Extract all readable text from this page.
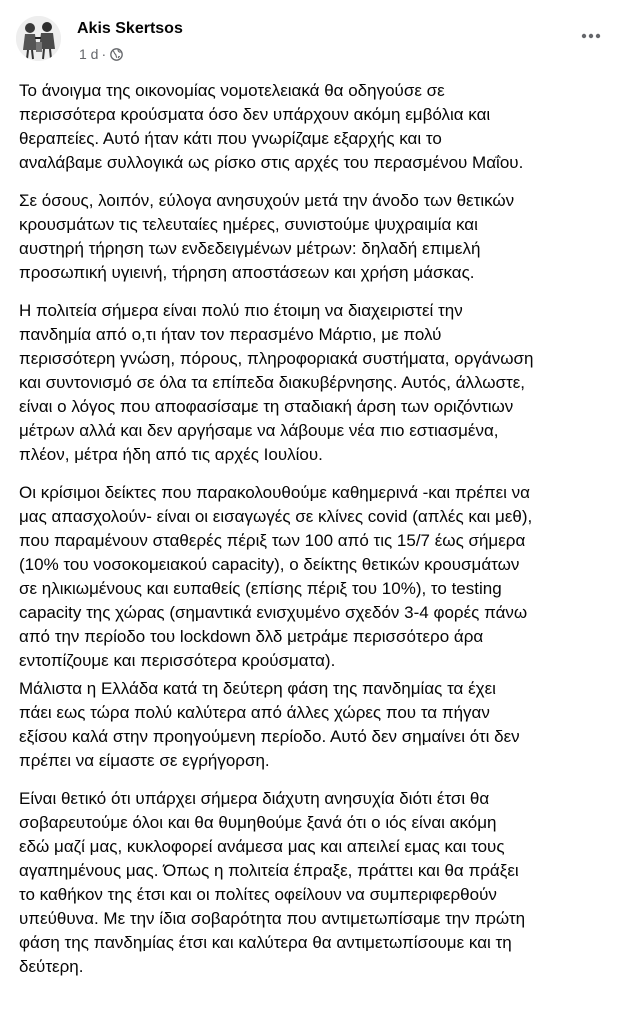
Akis Skertsos
1 d ·

Το άνοιγμα της οικονομίας νομοτελειακά θα οδηγούσε σε
περισσότερα κρούσματα όσο δεν υπάρχουν ακόμη εμβόλια και
θεραπείες. Αυτό ήταν κάτι που γνωρίζαμε εξαρχής και το
αναλάβαμε συλλογικά ως ρίσκο στις αρχές του περασμένου Μαΐου.

Σε όσους, λοιπόν, εύλογα ανησυχούν μετά την άνοδο των θετικών
κρουσμάτων τις τελευταίες ημέρες, συνιστούμε ψυχραιμία και
αυστηρή τήρηση των ενδεδειγμένων μέτρων: δηλαδή επιμελή
προσωπική υγιεινή, τήρηση αποστάσεων και χρήση μάσκας.

Η πολιτεία σήμερα είναι πολύ πιο έτοιμη να διαχειριστεί την
πανδημία από ο,τι ήταν τον περασμένο Μάρτιο, με πολύ
περισσότερη γνώση, πόρους, πληροφοριακά συστήματα, οργάνωση
και συντονισμό σε όλα τα επίπεδα διακυβέρνησης. Αυτός, άλλωστε,
είναι ο λόγος που αποφασίσαμε τη σταδιακή άρση των οριζόντιων
μέτρων αλλά και δεν αργήσαμε να λάβουμε νέα πιο εστιασμένα,
πλέον, μέτρα ήδη από τις αρχές Ιουλίου.

Οι κρίσιμοι δείκτες που παρακολουθούμε καθημερινά -και πρέπει να
μας απασχολούν- είναι οι εισαγωγές σε κλίνες covid (απλές και μεθ),
που παραμένουν σταθερές πέριξ των 100 από τις 15/7 έως σήμερα
(10% του νοσοκομειακού capacity), ο δείκτης θετικών κρουσμάτων
σε ηλικιωμένους και ευπαθείς (επίσης πέριξ του 10%), το testing
capacity της χώρας (σημαντικά ενισχυμένο σχεδόν 3-4 φορές πάνω
από την περίοδο του lockdown δλδ μετράμε περισσότερο άρα
εντοπίζουμε και περισσότερα κρούσματα).

Μάλιστα η Ελλάδα κατά τη δεύτερη φάση της πανδημίας τα έχει
πάει εως τώρα πολύ καλύτερα από άλλες χώρες που τα πήγαν
εξίσου καλά στην προηγούμενη περίοδο. Αυτό δεν σημαίνει ότι δεν
πρέπει να είμαστε σε εγρήγορση.

Είναι θετικό ότι υπάρχει σήμερα διάχυτη ανησυχία διότι έτσι θα
σοβαρευτούμε όλοι και θα θυμηθούμε ξανά ότι ο ιός είναι ακόμη
εδώ μαζί μας, κυκλοφορεί ανάμεσα μας και απειλεί εμας και τους
αγαπημένους μας. Όπως η πολιτεία έπραξε, πράττει και θα πράξει
το καθήκον της έτσι και οι πολίτες οφείλουν να συμπεριφερθούν
υπεύθυνα. Με την ίδια σοβαρότητα που αντιμετωπίσαμε την πρώτη
φάση της πανδημίας έτσι και καλύτερα θα αντιμετωπίσουμε και τη
δεύτερη.
